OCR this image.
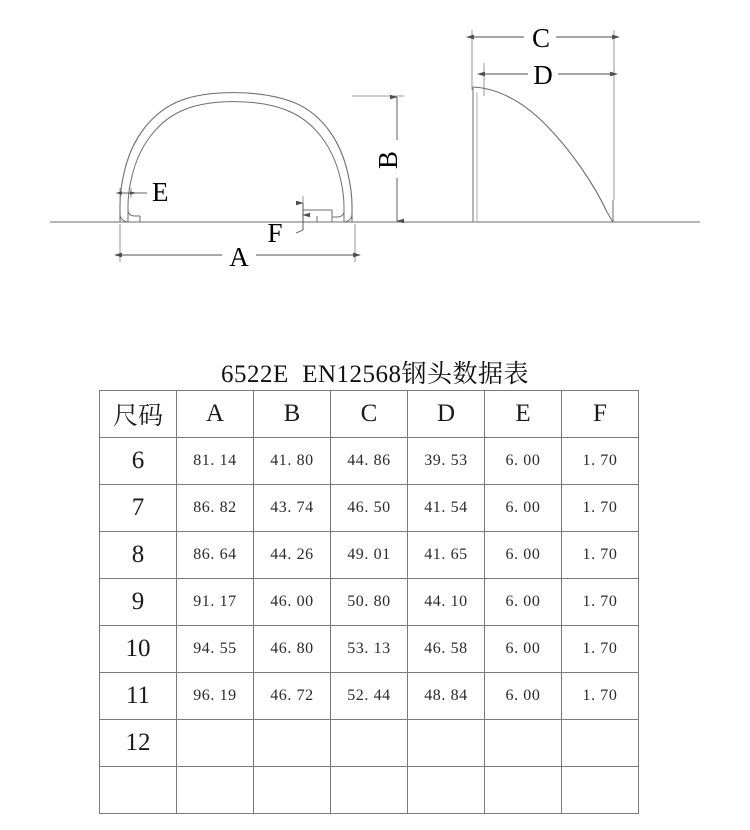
A
B
E
F
C
D
6522E  EN12568钢头数据表
尺码	A	B	C	D	E	F
6	81. 14	41. 80	44. 86	39. 53	6. 00	1. 70
7	86. 82	43. 74	46. 50	41. 54	6. 00	1. 70
8	86. 64	44. 26	49. 01	41. 65	6. 00	1. 70
9	91. 17	46. 00	50. 80	44. 10	6. 00	1. 70
10	94. 55	46. 80	53. 13	46. 58	6. 00	1. 70
11	96. 19	46. 72	52. 44	48. 84	6. 00	1. 70
12						
